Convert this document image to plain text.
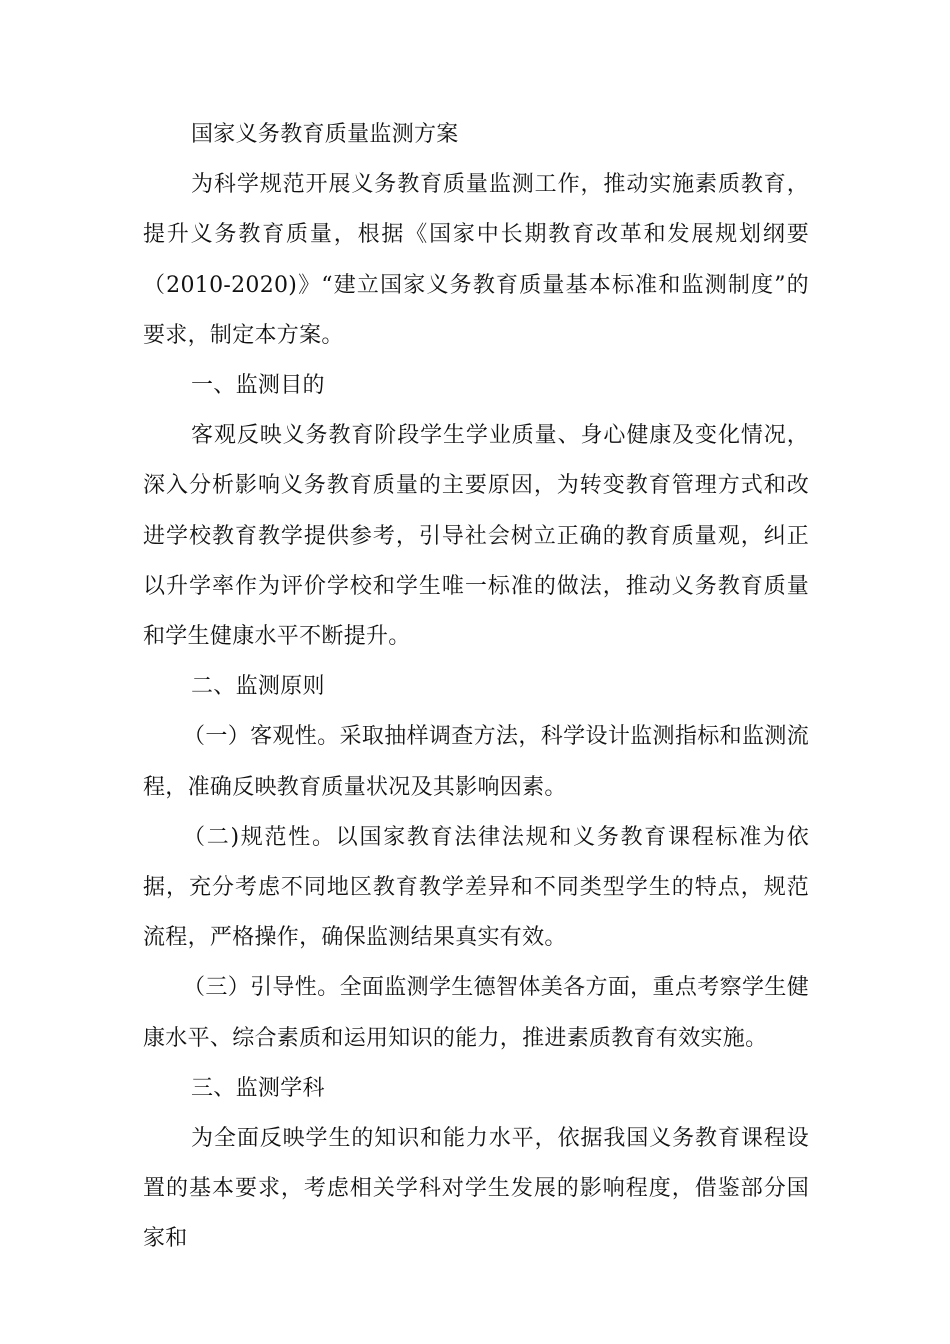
国家义务教育质量监测方案

为科学规范开展义务教育质量监测工作，推动实施素质教育，提升义务教育质量，根据《国家中长期教育改革和发展规划纲要（2010-2020)》“建立国家义务教育质量基本标准和监测制度”的要求，制定本方案。

一、监测目的

客观反映义务教育阶段学生学业质量、身心健康及变化情况，深入分析影响义务教育质量的主要原因，为转变教育管理方式和改进学校教育教学提供参考，引导社会树立正确的教育质量观，纠正以升学率作为评价学校和学生唯一标准的做法，推动义务教育质量和学生健康水平不断提升。

二、监测原则

（一）客观性。采取抽样调查方法，科学设计监测指标和监测流程，准确反映教育质量状况及其影响因素。

（二)规范性。以国家教育法律法规和义务教育课程标准为依据，充分考虑不同地区教育教学差异和不同类型学生的特点，规范流程，严格操作，确保监测结果真实有效。

（三）引导性。全面监测学生德智体美各方面，重点考察学生健康水平、综合素质和运用知识的能力，推进素质教育有效实施。

三、监测学科

为全面反映学生的知识和能力水平，依据我国义务教育课程设置的基本要求，考虑相关学科对学生发展的影响程度，借鉴部分国家和
